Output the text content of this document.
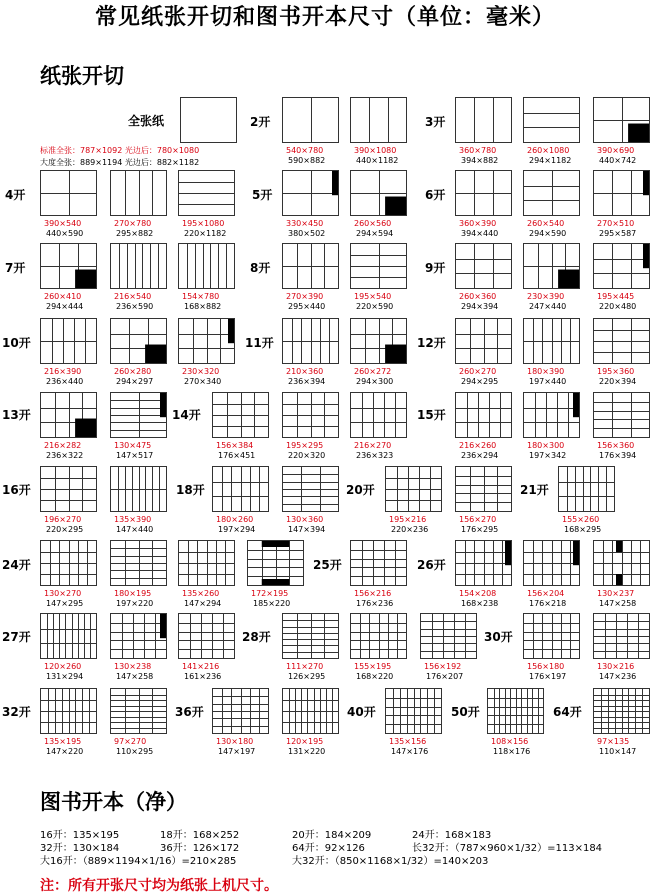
常见纸张开切和图书开本尺寸（单位：毫米）
纸张开切
全张纸
标准全张：787×1092 光边后：780×1080
大度全张：889×1194 光边后：882×1182
2开	3开
4开	5开	6开
7开	8开	9开
10开	11开	12开
13开	14开	15开
16开	18开	20开	21开
24开	25开	26开
27开	28开	30开
32开	36开	40开	50开	64开
540×780
590×882
390×1080
440×1182
360×780
394×882
260×1080
294×1182
390×690
440×742
390×540
440×590
270×780
295×882
195×1080
220×1182
330×450
380×502
260×560
294×594
360×390
394×440
260×540
294×590
270×510
295×587
260×410
294×444
216×540
236×590
154×780
168×882
270×390
295×440
195×540
220×590
260×360
294×394
230×390
247×440
195×445
220×480
216×390
236×440
260×280
294×297
230×320
270×340
210×360
236×394
260×272
294×300
260×270
294×295
180×390
197×440
195×360
220×394
216×282
236×322
130×475
147×517
156×384
176×451
195×295
220×320
216×270
236×323
216×260
236×294
180×300
197×342
156×360
176×394
196×270
220×295
135×390
147×440
180×260
197×294
130×360
147×394
195×216
220×236
156×270
176×295
155×260
168×295
130×270
147×295
180×195
197×220
135×260
147×294
172×195
185×220
156×216
176×236
154×208
168×238
156×204
176×218
130×237
147×258
120×260
131×294
130×238
147×258
141×216
161×236
111×270
126×295
155×195
168×220
156×192
176×207
156×180
176×197
130×216
147×236
135×195
147×220
97×270
110×295
130×180
147×197
120×195
131×220
135×156
147×176
108×156
118×176
97×135
110×147
图书开本（净）
16开：135×195	18开：168×252	20开：184×209	24开：168×183
32开：130×184	36开：126×172	64开：92×126	长32开：（787×960×1/32）=113×184
大16开：（889×1194×1/16）=210×285	大32开：（850×1168×1/32）=140×203
注：所有开张尺寸均为纸张上机尺寸。
